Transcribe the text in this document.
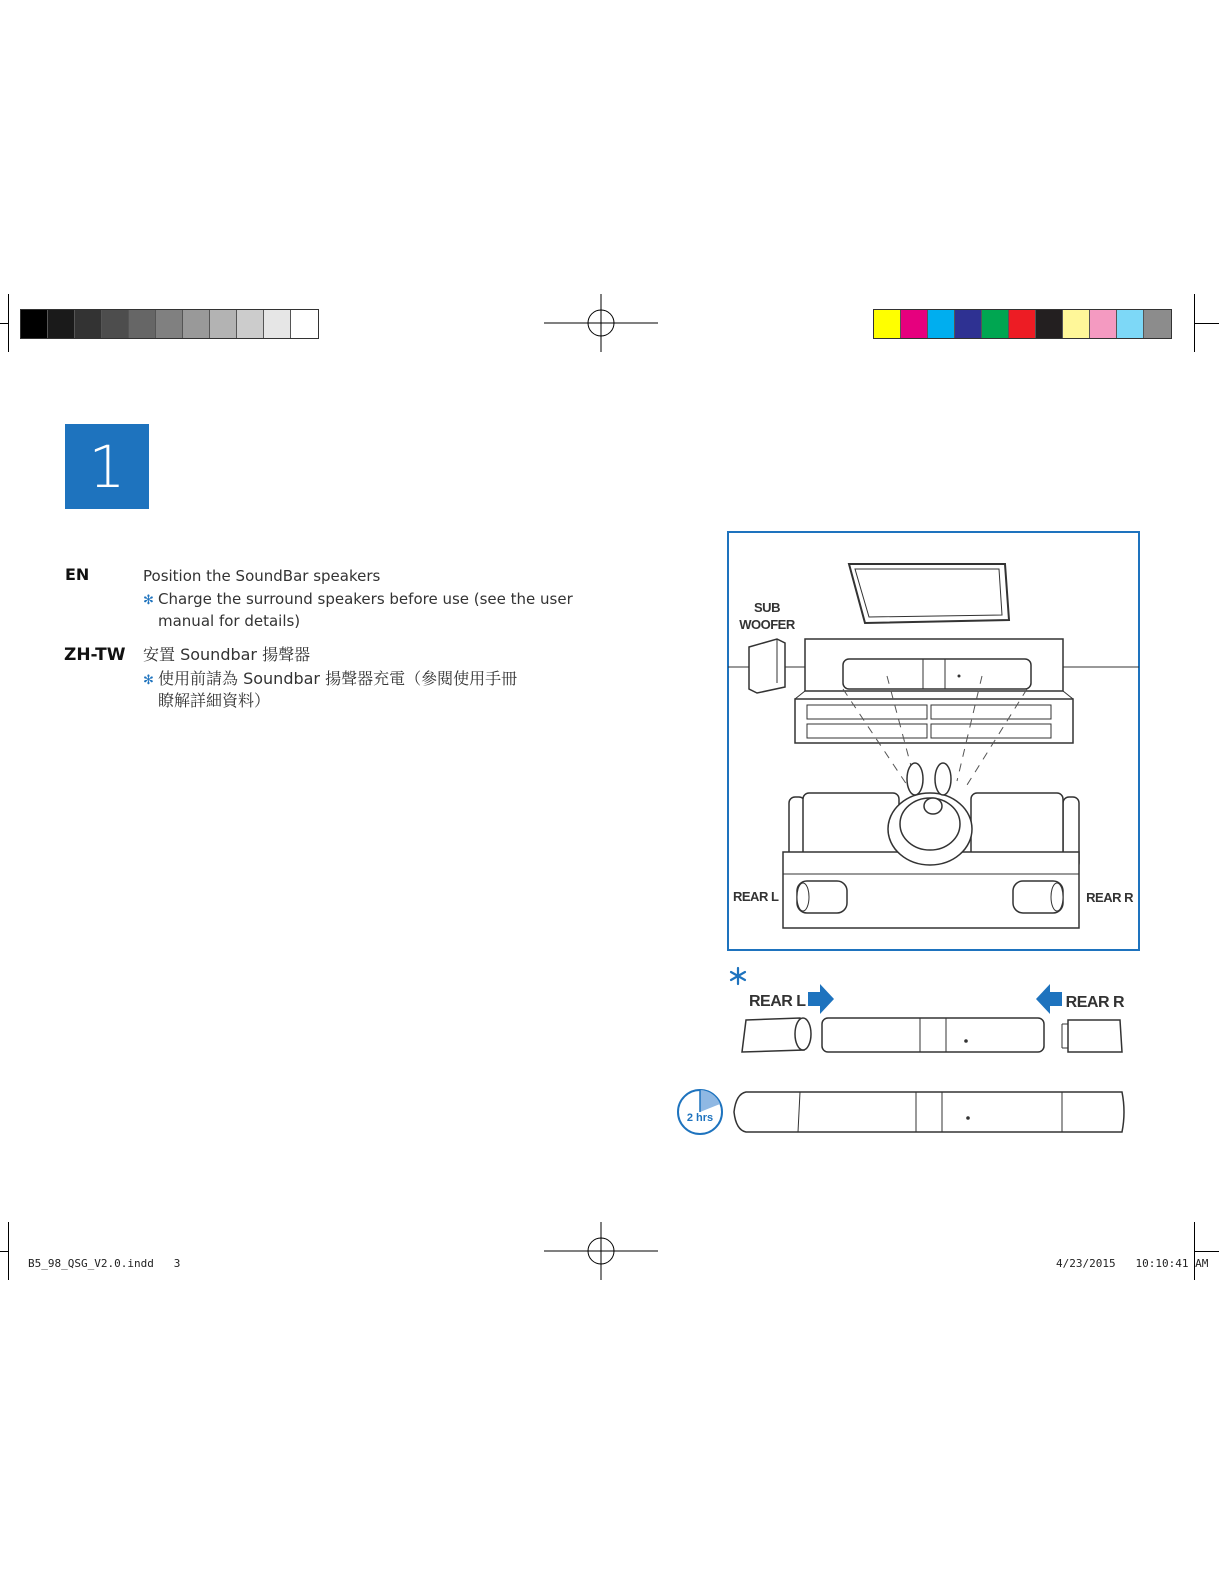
1
EN	Position the SoundBar speakers
✻ Charge the surround speakers before use (see the user
manual for details)
ZH-TW 安置 Soundbar 揚聲器
✻ 使用前請為 Soundbar 揚聲器充電（參閱使用手冊
瞭解詳細資料）
SUB
WOOFER
REAR L	REAR R
REAR L	REAR R
2 hrs
B5_98_QSG_V2.0.indd   3	4/23/2015   10:10:41 AM
